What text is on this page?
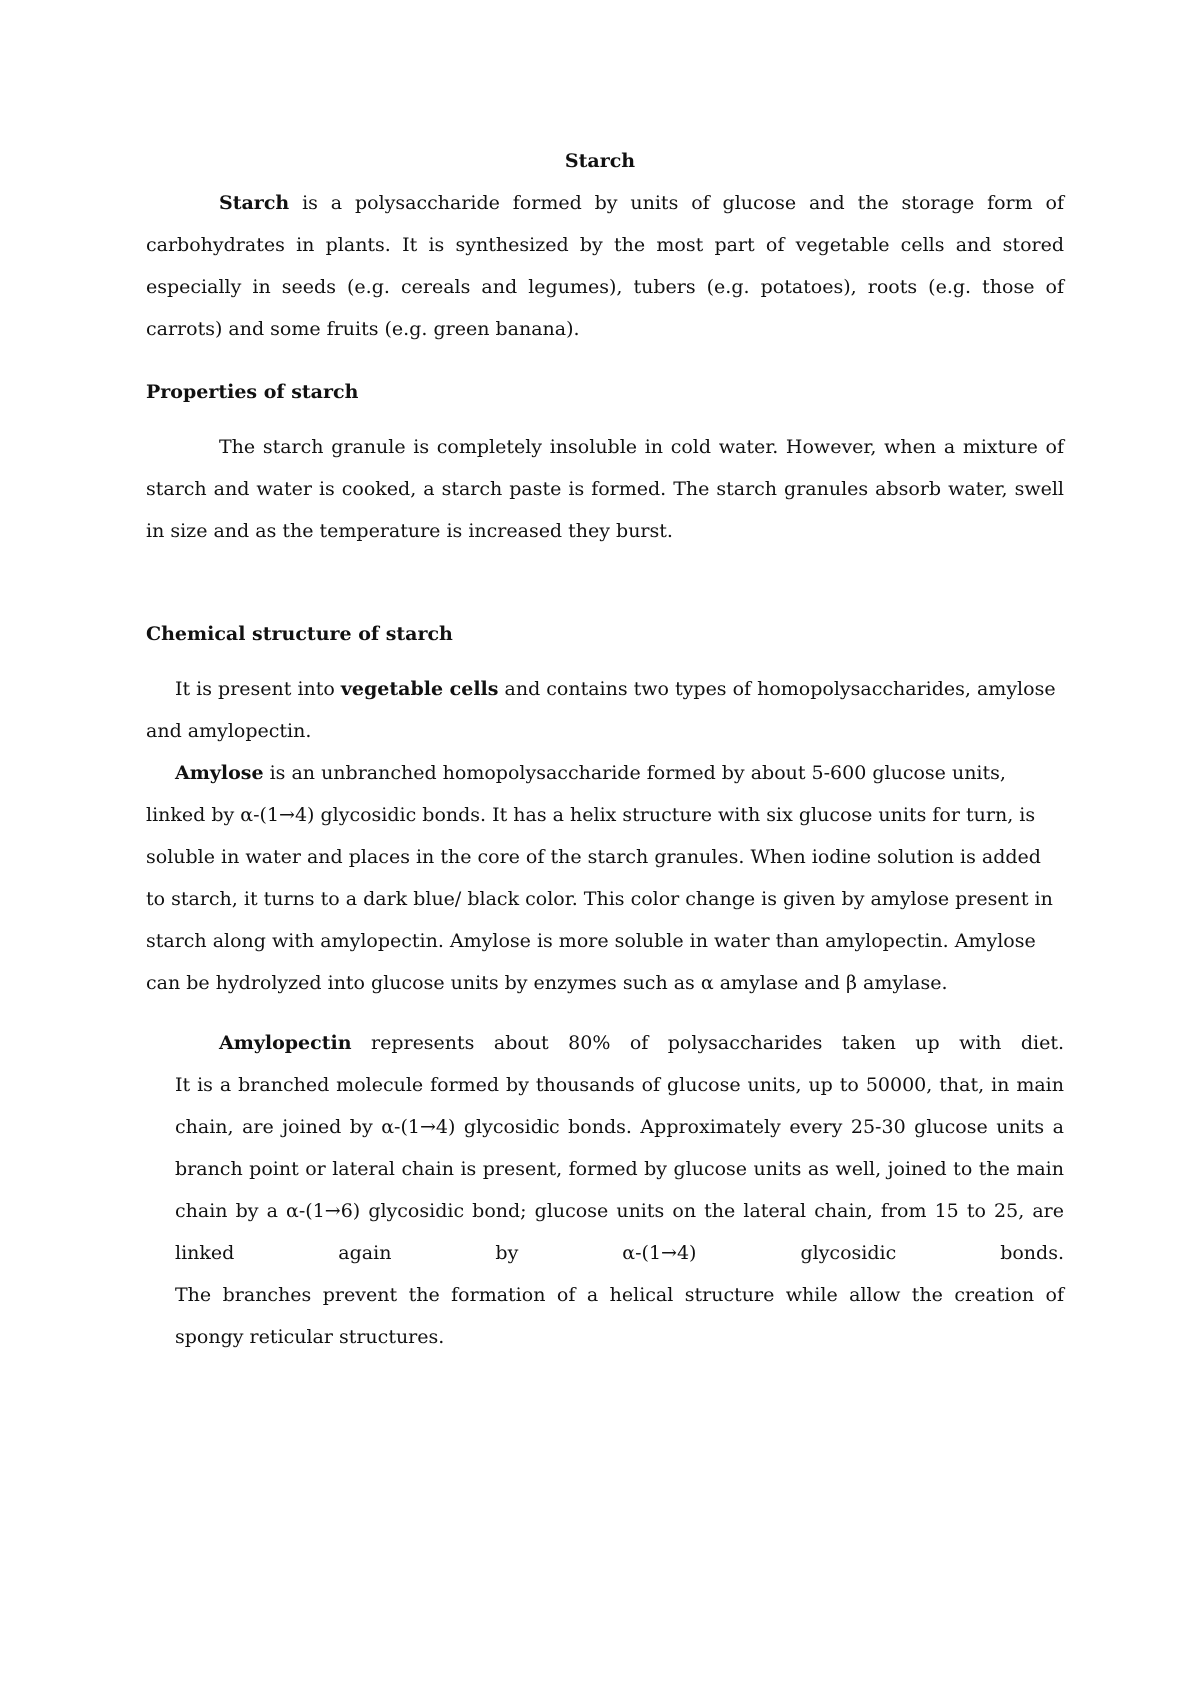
Starch

Starch is a polysaccharide formed by units of glucose and the storage form of carbohydrates in plants. It is synthesized by the most part of vegetable cells and stored especially in seeds (e.g. cereals and legumes), tubers (e.g. potatoes), roots (e.g. those of carrots) and some fruits (e.g. green banana).

Properties of starch

The starch granule is completely insoluble in cold water. However, when a mixture of starch and water is cooked, a starch paste is formed. The starch granules absorb water, swell in size and as the temperature is increased they burst.

Chemical structure of starch

It is present into vegetable cells and contains two types of homopolysaccharides, amylose and amylopectin.

Amylose is an unbranched homopolysaccharide formed by about 5-600 glucose units, linked by α-(1→4) glycosidic bonds. It has a helix structure with six glucose units for turn, is soluble in water and places in the core of the starch granules. When iodine solution is added to starch, it turns to a dark blue/ black color. This color change is given by amylose present in starch along with amylopectin. Amylose is more soluble in water than amylopectin. Amylose can be hydrolyzed into glucose units by enzymes such as α amylase and β amylase.

Amylopectin represents about 80% of polysaccharides taken up with diet.
It is a branched molecule formed by thousands of glucose units, up to 50000, that, in main chain, are joined by α-(1→4) glycosidic bonds. Approximately every 25-30 glucose units a branch point or lateral chain is present, formed by glucose units as well, joined to the main chain by a α-(1→6) glycosidic bond; glucose units on the lateral chain, from 15 to 25, are linked again by α-(1→4) glycosidic bonds.
The branches prevent the formation of a helical structure while allow the creation of spongy reticular structures.
